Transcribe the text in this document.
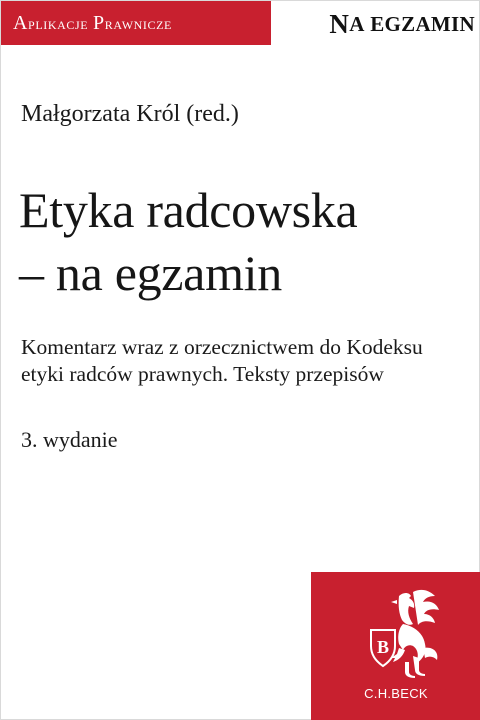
Aplikacje Prawnicze	N A
EGZAMIN
Małgorzata Król (red.)
Etyka radcowska
– na egzamin
Komentarz wraz z orzecznictwem do Kodeksu
etyki radców prawnych. Teksty przepisów
3. wydanie
B
C.H.BECK
